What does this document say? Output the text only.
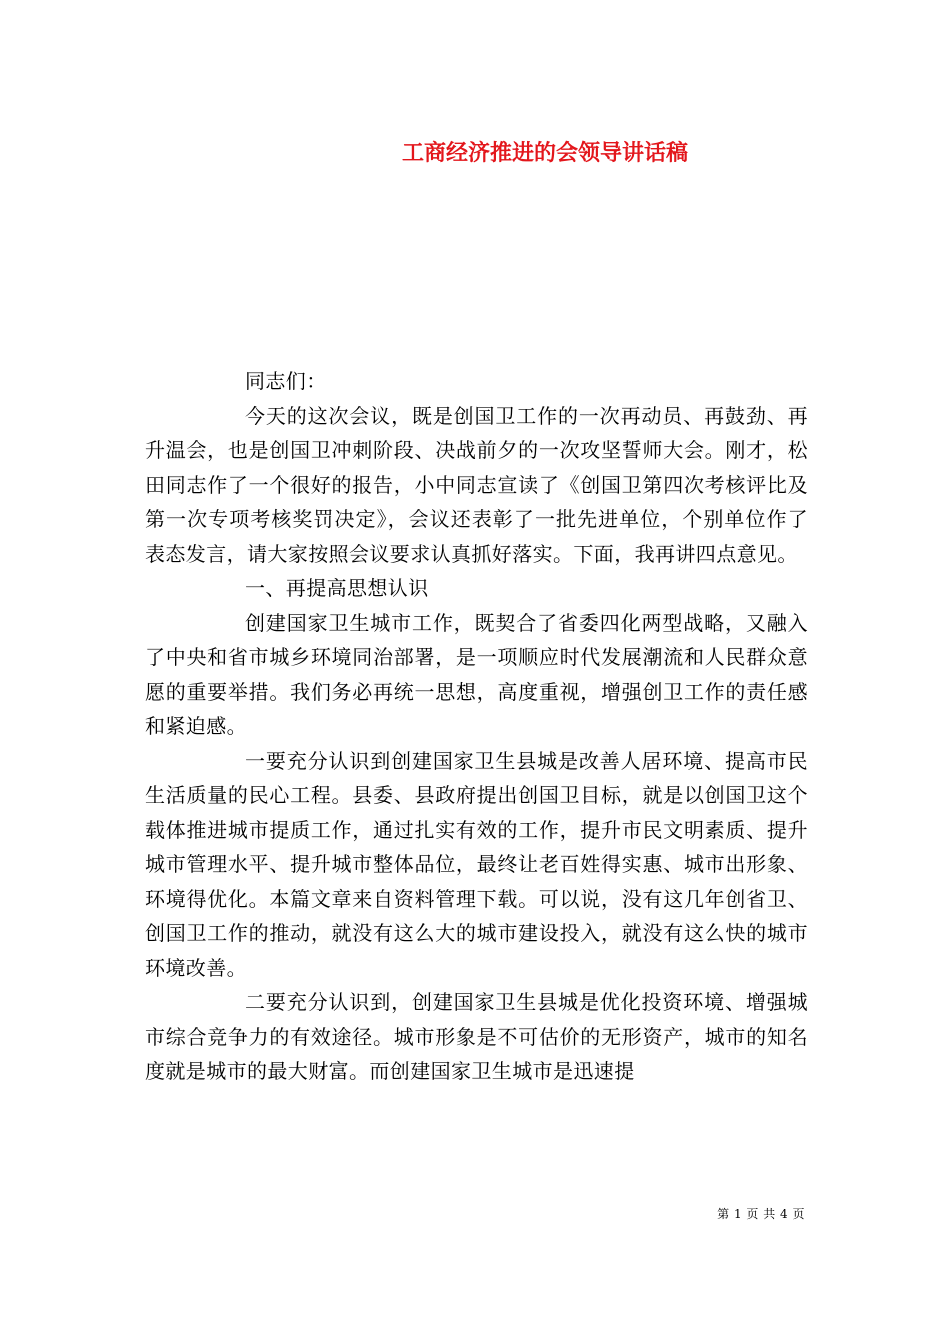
工商经济推进的会领导讲话稿

同志们：

今天的这次会议，既是创国卫工作的一次再动员、再鼓劲、再升温会，也是创国卫冲刺阶段、决战前夕的一次攻坚誓师大会。刚才，松田同志作了一个很好的报告，小中同志宣读了《创国卫第四次考核评比及第一次专项考核奖罚决定》，会议还表彰了一批先进单位，个别单位作了表态发言，请大家按照会议要求认真抓好落实。下面，我再讲四点意见。

一、再提高思想认识

创建国家卫生城市工作，既契合了省委四化两型战略，又融入了中央和省市城乡环境同治部署，是一项顺应时代发展潮流和人民群众意愿的重要举措。我们务必再统一思想，高度重视，增强创卫工作的责任感和紧迫感。

一要充分认识到创建国家卫生县城是改善人居环境、提高市民生活质量的民心工程。县委、县政府提出创国卫目标，就是以创国卫这个载体推进城市提质工作，通过扎实有效的工作，提升市民文明素质、提升城市管理水平、提升城市整体品位，最终让老百姓得实惠、城市出形象、环境得优化。本篇文章来自资料管理下载。可以说，没有这几年创省卫、创国卫工作的推动，就没有这么大的城市建设投入，就没有这么快的城市环境改善。

二要充分认识到，创建国家卫生县城是优化投资环境、增强城市综合竞争力的有效途径。城市形象是不可估价的无形资产，城市的知名度就是城市的最大财富。而创建国家卫生城市是迅速提

第 1 页 共 4 页
